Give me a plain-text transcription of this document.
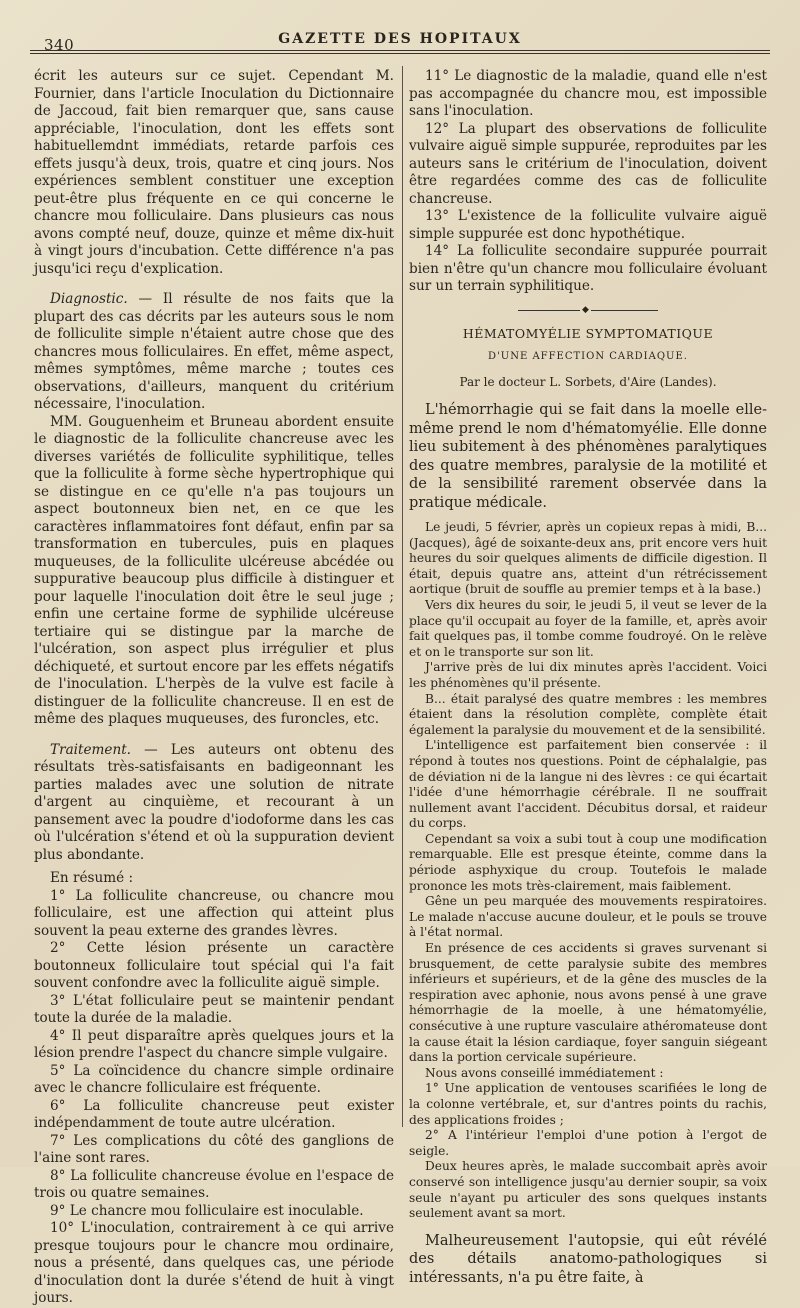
340	GAZETTE DES HOPITAUX

écrit les auteurs sur ce sujet. Cependant M. Fournier, dans l'article Inoculation du Dictionnaire de Jaccoud, fait bien remarquer que, sans cause appréciable, l'inoculation, dont les effets sont habituellemdnt immédiats, retarde parfois ces effets jusqu'à deux, trois, quatre et cinq jours. Nos expériences semblent constituer une exception peut-être plus fréquente en ce qui concerne le chancre mou folliculaire. Dans plusieurs cas nous avons compté neuf, douze, quinze et même dix-huit à vingt jours d'incubation. Cette différence n'a pas jusqu'ici reçu d'explication.

Diagnostic. — Il résulte de nos faits que la plupart des cas décrits par les auteurs sous le nom de folliculite simple n'étaient autre chose que des chancres mous folliculaires. En effet, même aspect, mêmes symptômes, même marche ; toutes ces observations, d'ailleurs, manquent du critérium nécessaire, l'inoculation.

MM. Gouguenheim et Bruneau abordent ensuite le diagnostic de la folliculite chancreuse avec les diverses variétés de folliculite syphilitique, telles que la folliculite à forme sèche hypertrophique qui se distingue en ce qu'elle n'a pas toujours un aspect boutonneux bien net, en ce que les caractères inflammatoires font défaut, enfin par sa transformation en tubercules, puis en plaques muqueuses, de la folliculite ulcéreuse abcédée ou suppurative beaucoup plus difficile à distinguer et pour laquelle l'inoculation doit être le seul juge ; enfin une certaine forme de syphilide ulcéreuse tertiaire qui se distingue par la marche de l'ulcération, son aspect plus irrégulier et plus déchiqueté, et surtout encore par les effets négatifs de l'inoculation. L'herpès de la vulve est facile à distinguer de la folliculite chancreuse. Il en est de même des plaques muqueuses, des furoncles, etc.

Traitement. — Les auteurs ont obtenu des résultats très-satisfaisants en badigeonnant les parties malades avec une solution de nitrate d'argent au cinquième, et recourant à un pansement avec la poudre d'iodoforme dans les cas où l'ulcération s'étend et où la suppuration devient plus abondante.

En résumé :

1° La folliculite chancreuse, ou chancre mou folliculaire, est une affection qui atteint plus souvent la peau externe des grandes lèvres.

2° Cette lésion présente un caractère boutonneux folliculaire tout spécial qui l'a fait souvent confondre avec la folliculite aiguë simple.

3° L'état folliculaire peut se maintenir pendant toute la durée de la maladie.

4° Il peut disparaître après quelques jours et la lésion prendre l'aspect du chancre simple vulgaire.

5° La coïncidence du chancre simple ordinaire avec le chancre folliculaire est fréquente.

6° La folliculite chancreuse peut exister indépendamment de toute autre ulcération.

7° Les complications du côté des ganglions de l'aine sont rares.

8° La folliculite chancreuse évolue en l'espace de trois ou quatre semaines.

9° Le chancre mou folliculaire est inoculable.

10° L'inoculation, contrairement à ce qui arrive presque toujours pour le chancre mou ordinaire, nous a présenté, dans quelques cas, une période d'inoculation dont la durée s'étend de huit à vingt jours.

11° Le diagnostic de la maladie, quand elle n'est pas accompagnée du chancre mou, est impossible sans l'inoculation.

12° La plupart des observations de folliculite vulvaire aiguë simple suppurée, reproduites par les auteurs sans le critérium de l'inoculation, doivent être regardées comme des cas de folliculite chancreuse.

13° L'existence de la folliculite vulvaire aiguë simple suppurée est donc hypothétique.

14° La folliculite secondaire suppurée pourrait bien n'être qu'un chancre mou folliculaire évoluant sur un terrain syphilitique.

◆

HÉMATOMYÉLIE SYMPTOMATIQUE

D'UNE AFFECTION CARDIAQUE.

Par le docteur L. Sorbets, d'Aire (Landes).

L'hémorrhagie qui se fait dans la moelle elle-même prend le nom d'hématomyélie. Elle donne lieu subitement à des phénomènes paralytiques des quatre membres, paralysie de la motilité et de la sensibilité rarement observée dans la pratique médicale.

Le jeudi, 5 février, après un copieux repas à midi, B... (Jacques), âgé de soixante-deux ans, prit encore vers huit heures du soir quelques aliments de difficile digestion. Il était, depuis quatre ans, atteint d'un rétrécissement aortique (bruit de souffle au premier temps et à la base.)

Vers dix heures du soir, le jeudi 5, il veut se lever de la place qu'il occupait au foyer de la famille, et, après avoir fait quelques pas, il tombe comme foudroyé. On le relève et on le transporte sur son lit.

J'arrive près de lui dix minutes après l'accident. Voici les phénomènes qu'il présente.

B... était paralysé des quatre membres : les membres étaient dans la résolution complète, complète était également la paralysie du mouvement et de la sensibilité.

L'intelligence est parfaitement bien conservée : il répond à toutes nos questions. Point de céphalalgie, pas de déviation ni de la langue ni des lèvres : ce qui écartait l'idée d'une hémorrhagie cérébrale. Il ne souffrait nullement avant l'accident. Décubitus dorsal, et raideur du corps.

Cependant sa voix a subi tout à coup une modification remarquable. Elle est presque éteinte, comme dans la période asphyxique du croup. Toutefois le malade prononce les mots très-clairement, mais faiblement.

Gêne un peu marquée des mouvements respiratoires. Le malade n'accuse aucune douleur, et le pouls se trouve à l'état normal.

En présence de ces accidents si graves survenant si brusquement, de cette paralysie subite des membres inférieurs et supérieurs, et de la gêne des muscles de la respiration avec aphonie, nous avons pensé à une grave hémorrhagie de la moelle, à une hématomyélie, consécutive à une rupture vasculaire athéromateuse dont la cause était la lésion cardiaque, foyer sanguin siégeant dans la portion cervicale supérieure.

Nous avons conseillé immédiatement :

1° Une application de ventouses scarifiées le long de la colonne vertébrale, et, sur d'antres points du rachis, des applications froides ;

2° A l'intérieur l'emploi d'une potion à l'ergot de seigle.

Deux heures après, le malade succombait après avoir conservé son intelligence jusqu'au dernier soupir, sa voix seule n'ayant pu articuler des sons quelques instants seulement avant sa mort.

Malheureusement l'autopsie, qui eût révélé des détails anatomo-pathologiques si intéressants, n'a pu être faite, à
